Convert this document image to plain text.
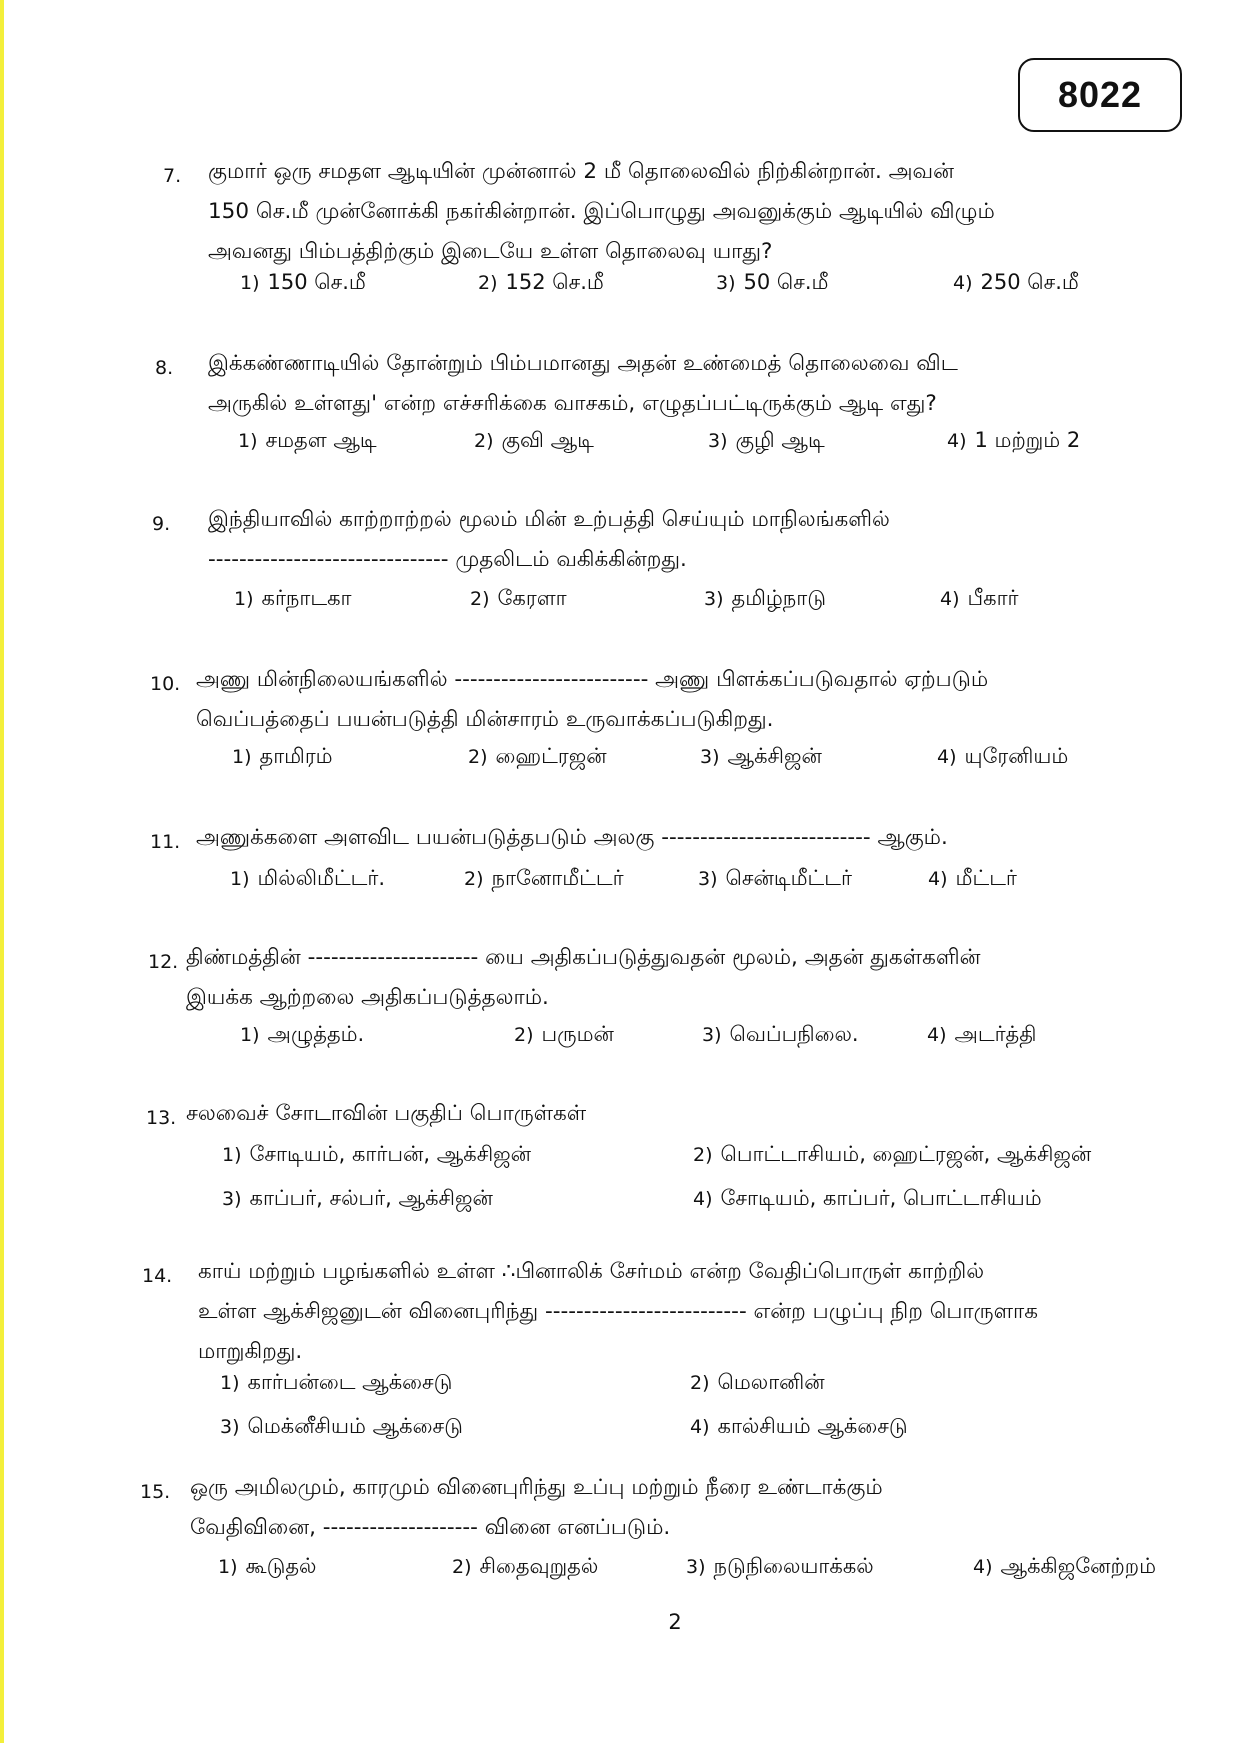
8022
7. குமார் ஒரு சமதள ஆடியின் முன்னால் 2 மீ தொலைவில் நிற்கின்றான். அவன்
150 செ.மீ முன்னோக்கி நகர்கின்றான். இப்பொழுது அவனுக்கும் ஆடியில் விழும்
அவனது பிம்பத்திற்கும் இடையே உள்ள தொலைவு யாது?
1) 150 செ.மீ	2) 152 செ.மீ	3) 50 செ.மீ	4) 250 செ.மீ
8. இக்கண்ணாடியில் தோன்றும் பிம்பமானது அதன் உண்மைத் தொலைவை விட
அருகில் உள்ளது' என்ற எச்சரிக்கை வாசகம், எழுதப்பட்டிருக்கும் ஆடி எது?
1) சமதள ஆடி	2) குவி ஆடி	3) குழி ஆடி	4) 1 மற்றும் 2
9. இந்தியாவில் காற்றாற்றல் மூலம் மின் உற்பத்தி செய்யும் மாநிலங்களில்
------------------------------- முதலிடம் வகிக்கின்றது.
1) கர்நாடகா	2) கேரளா	3) தமிழ்நாடு	4) பீகார்
10. அணு மின்நிலையங்களில் ------------------------- அணு பிளக்கப்படுவதால் ஏற்படும்
வெப்பத்தைப் பயன்படுத்தி மின்சாரம் உருவாக்கப்படுகிறது.
1) தாமிரம்	2) ஹைட்ரஜன்	3) ஆக்சிஜன்	4) யுரேனியம்
11. அணுக்களை அளவிட பயன்படுத்தபடும் அலகு --------------------------- ஆகும்.
1) மில்லிமீட்டர்.	2) நானோமீட்டர்	3) சென்டிமீட்டர்	4) மீட்டர்
12. திண்மத்தின் ---------------------- யை அதிகப்படுத்துவதன் மூலம், அதன் துகள்களின்
இயக்க ஆற்றலை அதிகப்படுத்தலாம்.
1) அழுத்தம்.	2) பருமன்	3) வெப்பநிலை.	4) அடர்த்தி
13. சலவைச் சோடாவின் பகுதிப் பொருள்கள்
1) சோடியம், கார்பன், ஆக்சிஜன்	2) பொட்டாசியம், ஹைட்ரஜன், ஆக்சிஜன்
3) காப்பர், சல்பர், ஆக்சிஜன்	4) சோடியம், காப்பர், பொட்டாசியம்
14. காய் மற்றும் பழங்களில் உள்ள ∴பினாலிக் சேர்மம் என்ற வேதிப்பொருள் காற்றில்
உள்ள ஆக்சிஜனுடன் வினைபுரிந்து -------------------------- என்ற பழுப்பு நிற பொருளாக
மாறுகிறது.
1) கார்பன்டை ஆக்சைடு	2) மெலானின்
3) மெக்னீசியம் ஆக்சைடு	4) கால்சியம் ஆக்சைடு
15. ஒரு அமிலமும், காரமும் வினைபுரிந்து உப்பு மற்றும் நீரை உண்டாக்கும்
வேதிவினை, -------------------- வினை எனப்படும்.
1) கூடுதல்	2) சிதைவுறுதல்	3) நடுநிலையாக்கல்	4) ஆக்கிஜனேற்றம்
2
